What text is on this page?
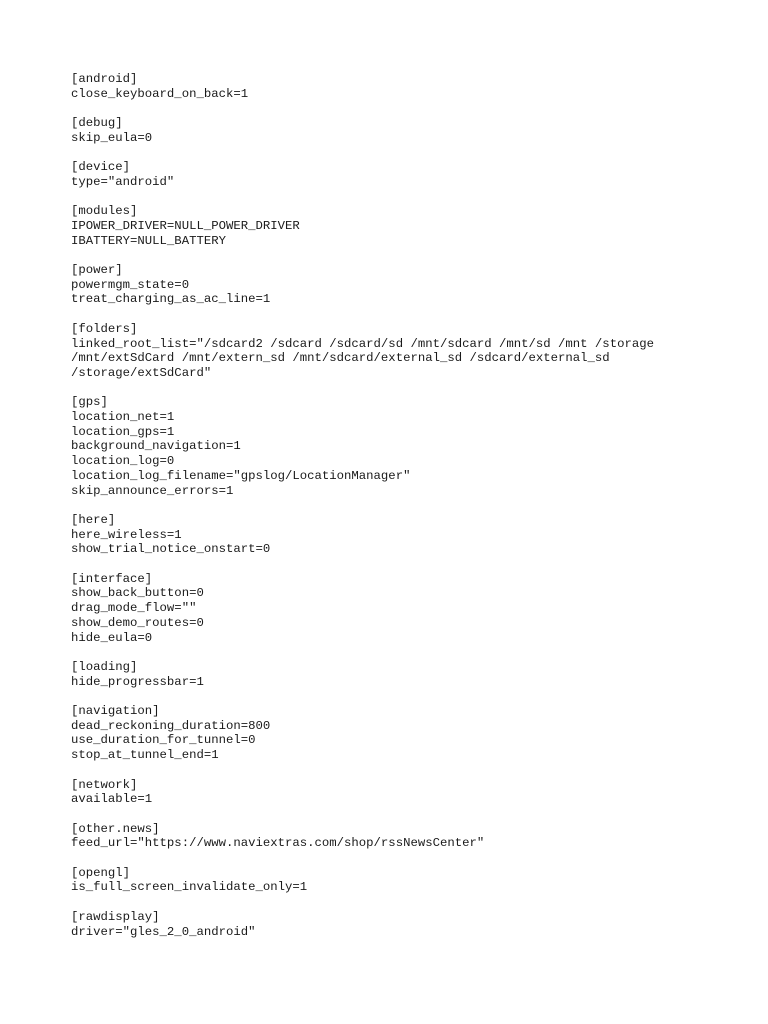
[android]
close_keyboard_on_back=1
[debug]
skip_eula=0
[device]
type="android"
[modules]
IPOWER_DRIVER=NULL_POWER_DRIVER
IBATTERY=NULL_BATTERY
[power]
powermgm_state=0
treat_charging_as_ac_line=1
[folders]
linked_root_list="/sdcard2 /sdcard /sdcard/sd /mnt/sdcard /mnt/sd /mnt /storage
/mnt/extSdCard /mnt/extern_sd /mnt/sdcard/external_sd /sdcard/external_sd
/storage/extSdCard"
[gps]
location_net=1
location_gps=1
background_navigation=1
location_log=0
location_log_filename="gpslog/LocationManager"
skip_announce_errors=1
[here]
here_wireless=1
show_trial_notice_onstart=0
[interface]
show_back_button=0
drag_mode_flow=""
show_demo_routes=0
hide_eula=0
[loading]
hide_progressbar=1
[navigation]
dead_reckoning_duration=800
use_duration_for_tunnel=0
stop_at_tunnel_end=1
[network]
available=1
[other.news]
feed_url="https://www.naviextras.com/shop/rssNewsCenter"
[opengl]
is_full_screen_invalidate_only=1
[rawdisplay]
driver="gles_2_0_android"
